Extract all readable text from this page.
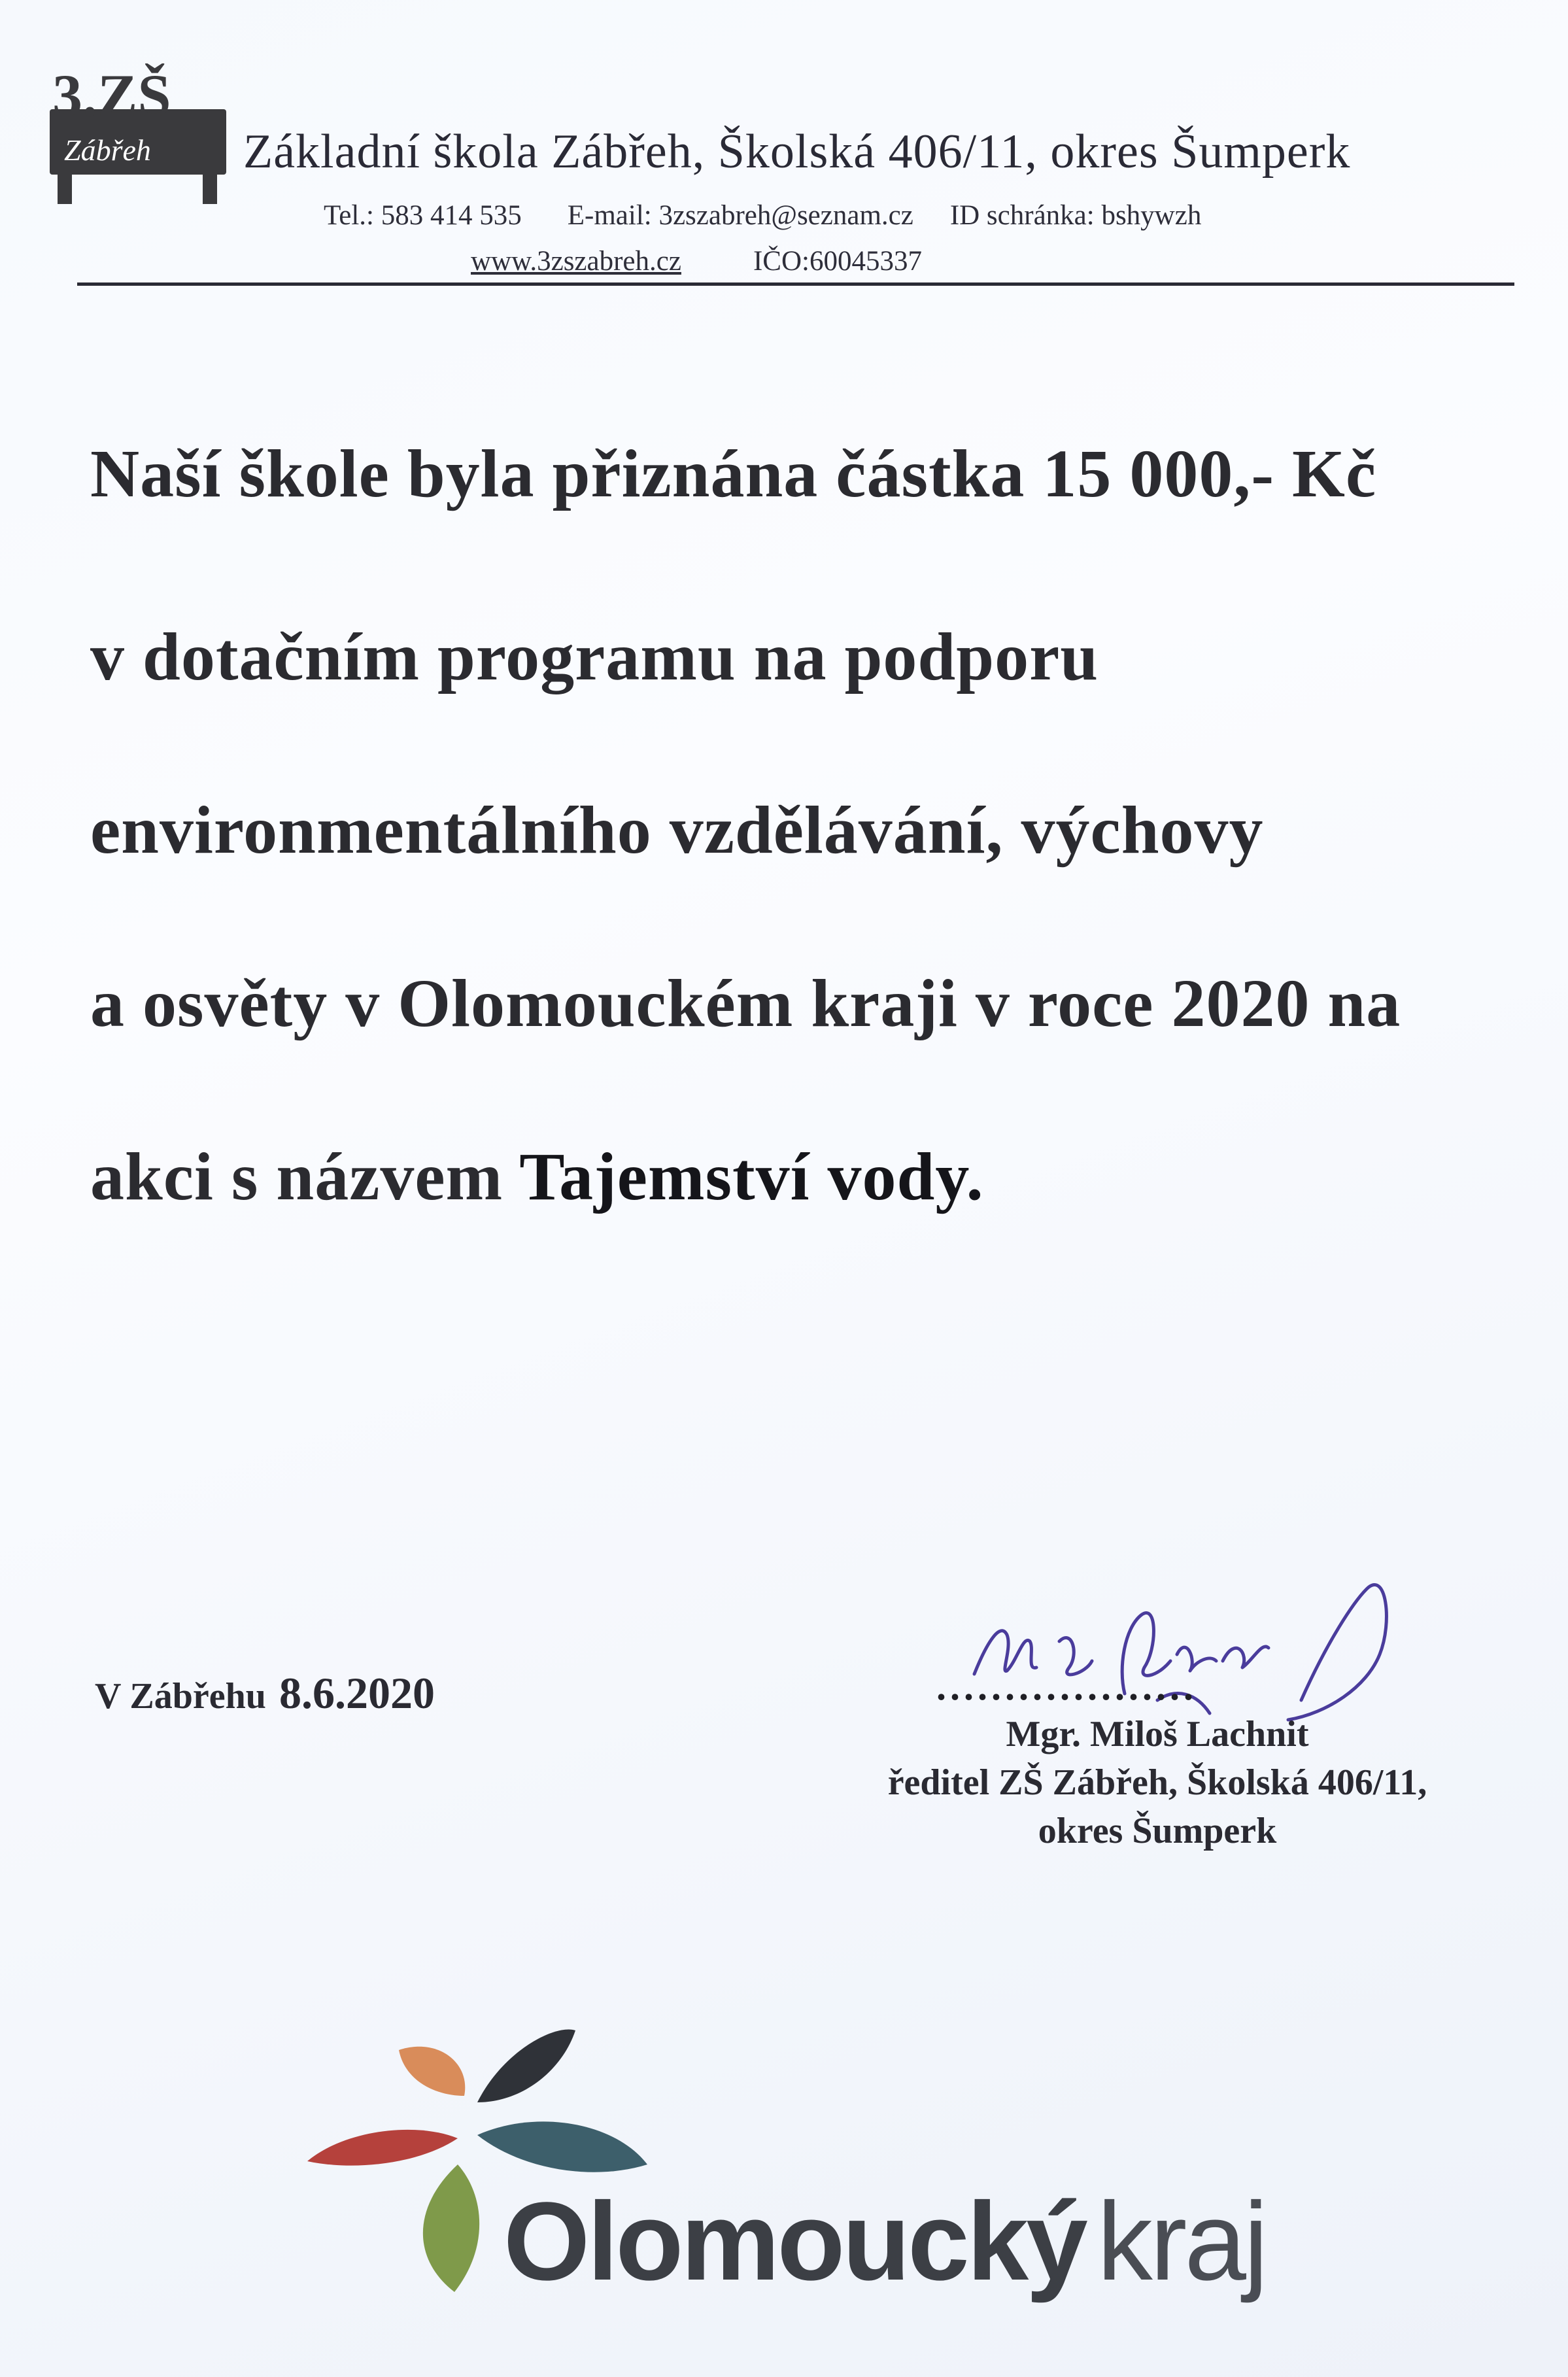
3.ZŠ
Zábřeh Základní škola Zábřeh, Školská 406/11, okres Šumperk
Tel.: 583 414 535 E-mail: 3zszabreh@seznam.cz ID schránka: bshywzh
www.3zszabreh.cz	IČO:60045337
Naší škole byla přiznána částka 15 000,- Kč
v dotačním programu na podporu
environmentálního vzdělávání, výchovy
a osvěty v Olomouckém kraji v roce 2020 na
akci s názvem Tajemství vody.
V Zábřehu 8.6.2020	...................
Mgr. Miloš Lachnit
ředitel ZŠ Zábřeh, Školská 406/11,
okres Šumperk
Olomoucký kraj
